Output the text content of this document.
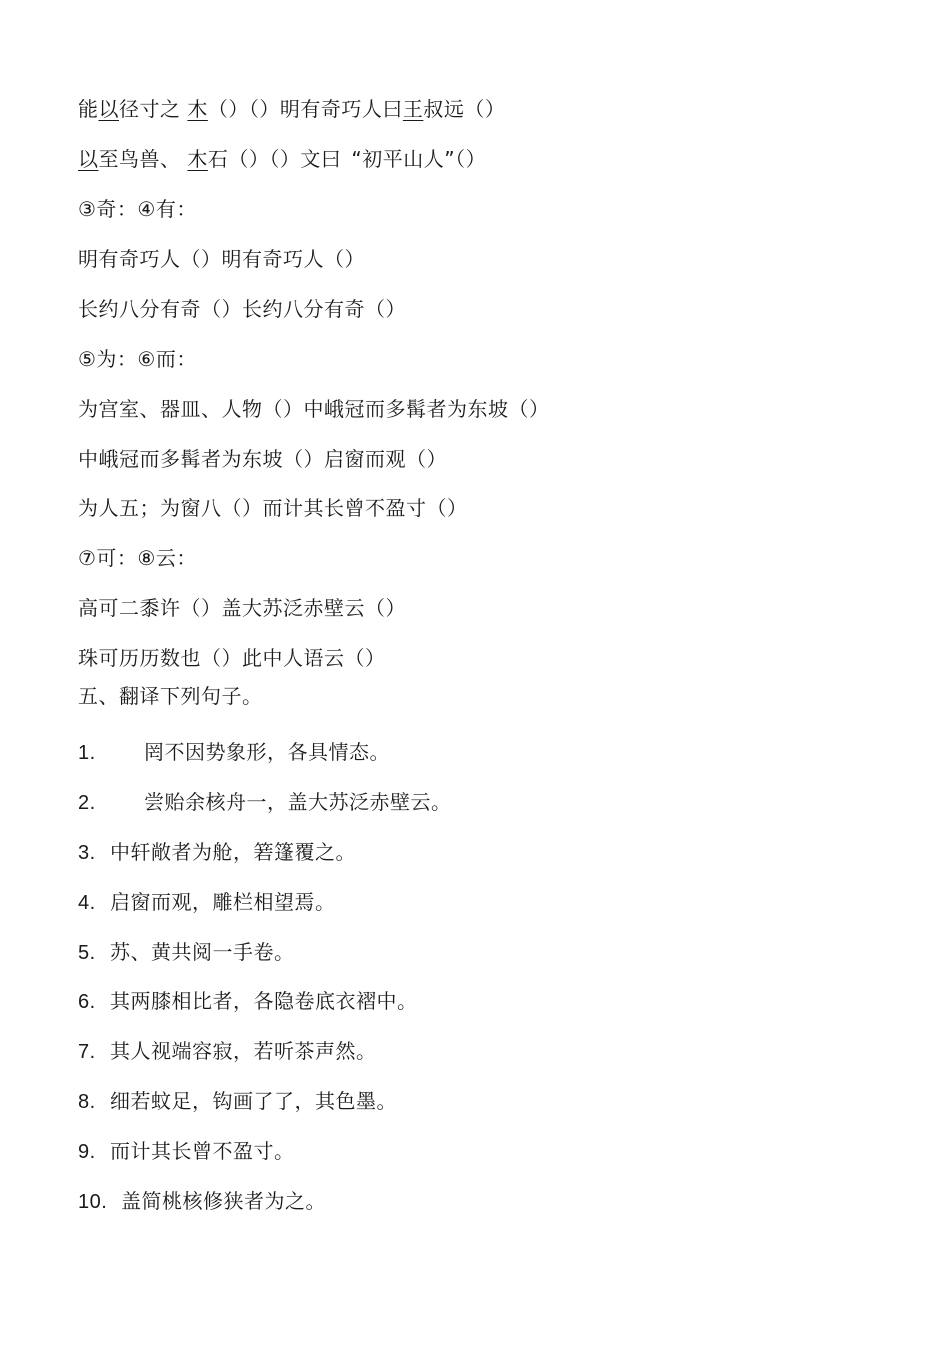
能以径寸之 木（）（）明有奇巧人曰王叔远（）
以至鸟兽、 木石（）（）文曰 “初平山人”（）
③奇：④有：
明有奇巧人（）明有奇巧人（）
长约八分有奇（）长约八分有奇（）
⑤为：⑥而：
为宫室、器皿、人物（）中峨冠而多髯者为东坡（）
中峨冠而多髯者为东坡（）启窗而观（）
为人五；为窗八（）而计其长曾不盈寸（）
⑦可：⑧云：
高可二黍许（）盖大苏泛赤壁云（）
珠可历历数也（）此中人语云（）
五、翻译下列句子。
1. 罔不因势象形，各具情态。
2. 尝贻余核舟一，盖大苏泛赤壁云。
3. 中轩敞者为舱，箬篷覆之。
4. 启窗而观，雕栏相望焉。
5. 苏、黄共阅一手卷。
6. 其两膝相比者，各隐卷底衣褶中。
7. 其人视端容寂，若听茶声然。
8. 细若蚊足，钩画了了，其色墨。
9. 而计其长曾不盈寸。
10. 盖简桃核修狭者为之。
